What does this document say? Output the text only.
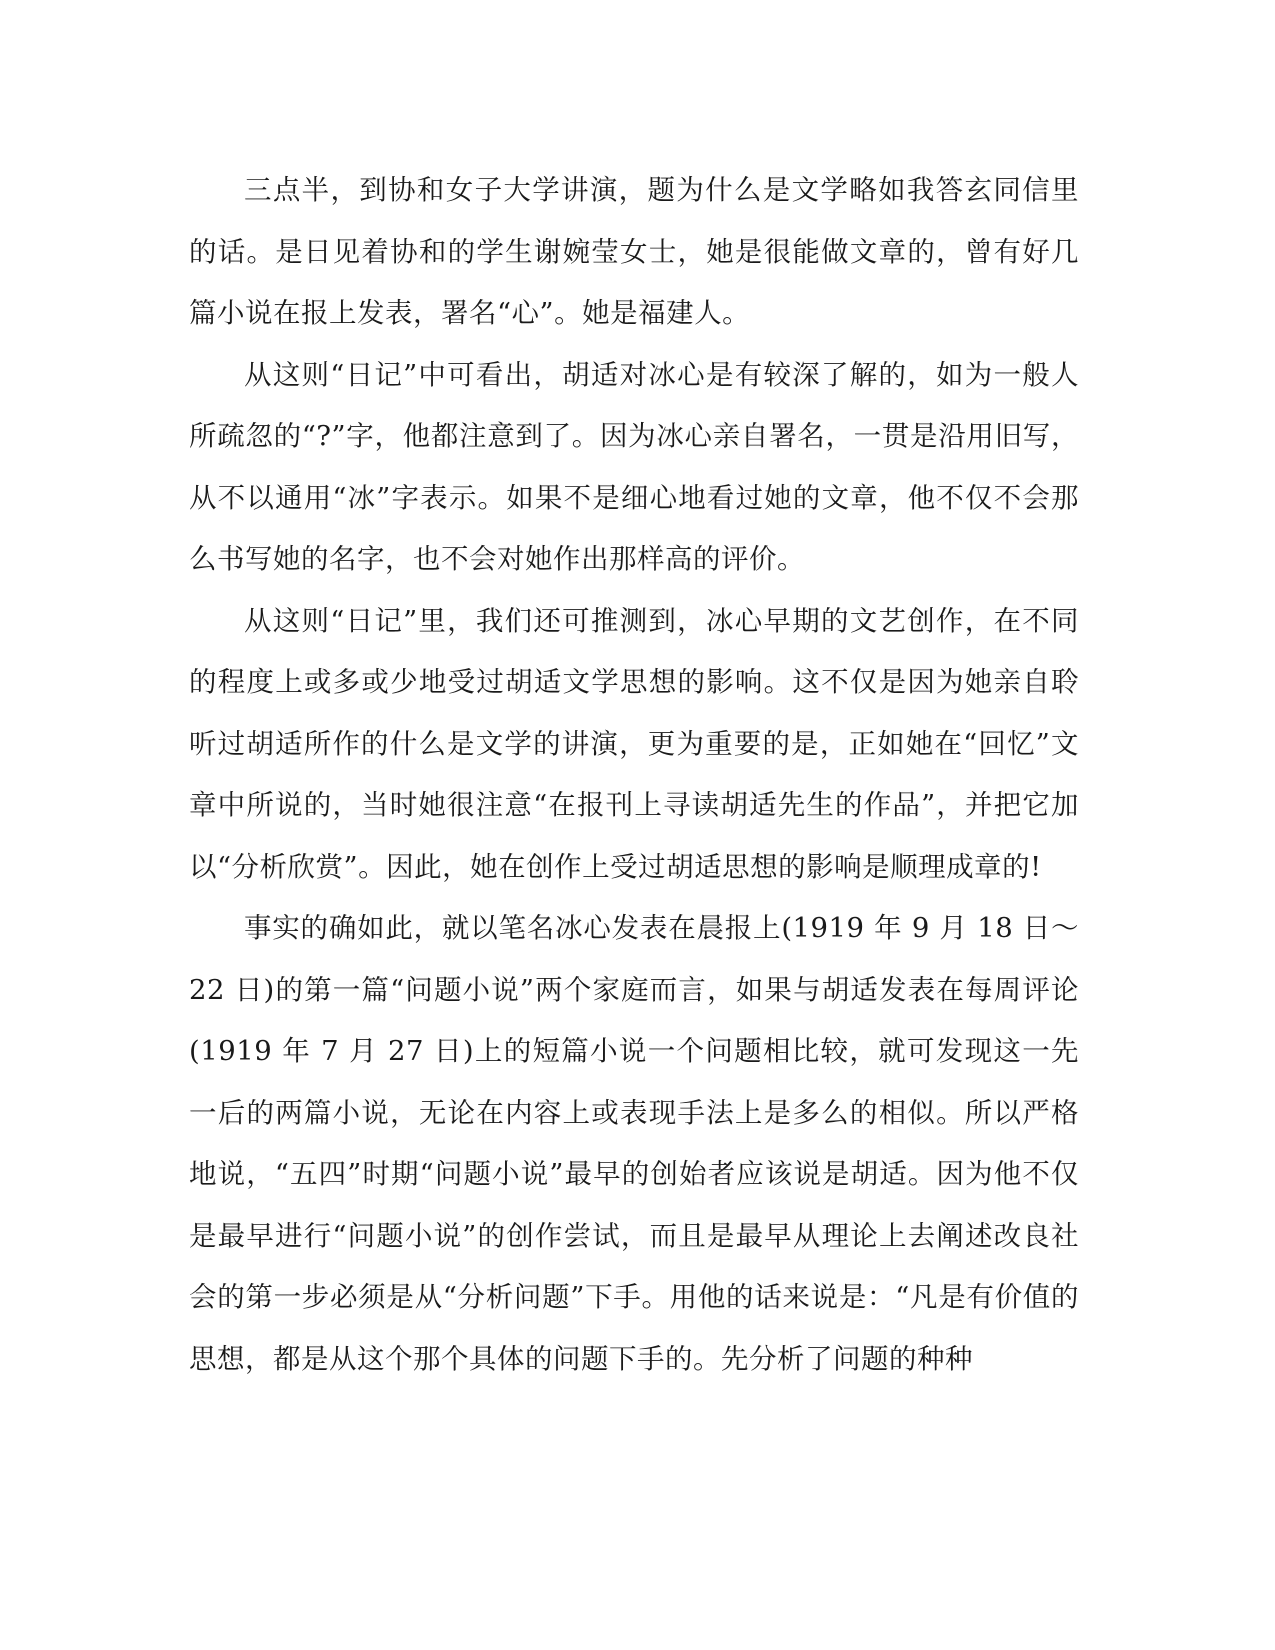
三点半，到协和女子大学讲演，题为什么是文学略如我答玄同信里的话。是日见着协和的学生谢婉莹女士，她是很能做文章的，曾有好几篇小说在报上发表，署名“心”。她是福建人。

从这则“日记”中可看出，胡适对冰心是有较深了解的，如为一般人所疏忽的“?”字，他都注意到了。因为冰心亲自署名，一贯是沿用旧写，从不以通用“冰”字表示。如果不是细心地看过她的文章，他不仅不会那么书写她的名字，也不会对她作出那样高的评价。

从这则“日记”里，我们还可推测到，冰心早期的文艺创作，在不同的程度上或多或少地受过胡适文学思想的影响。这不仅是因为她亲自聆听过胡适所作的什么是文学的讲演，更为重要的是，正如她在“回忆”文章中所说的，当时她很注意“在报刊上寻读胡适先生的作品”，并把它加以“分析欣赏”。因此，她在创作上受过胡适思想的影响是顺理成章的!

事实的确如此，就以笔名冰心发表在晨报上(1919 年 9 月 18 日～22 日)的第一篇“问题小说”两个家庭而言，如果与胡适发表在每周评论(1919 年 7 月 27 日)上的短篇小说一个问题相比较，就可发现这一先一后的两篇小说，无论在内容上或表现手法上是多么的相似。所以严格地说，“五四”时期“问题小说”最早的创始者应该说是胡适。因为他不仅是最早进行“问题小说”的创作尝试，而且是最早从理论上去阐述改良社会的第一步必须是从“分析问题”下手。用他的话来说是：“凡是有价值的思想，都是从这个那个具体的问题下手的。先分析了问题的种种
